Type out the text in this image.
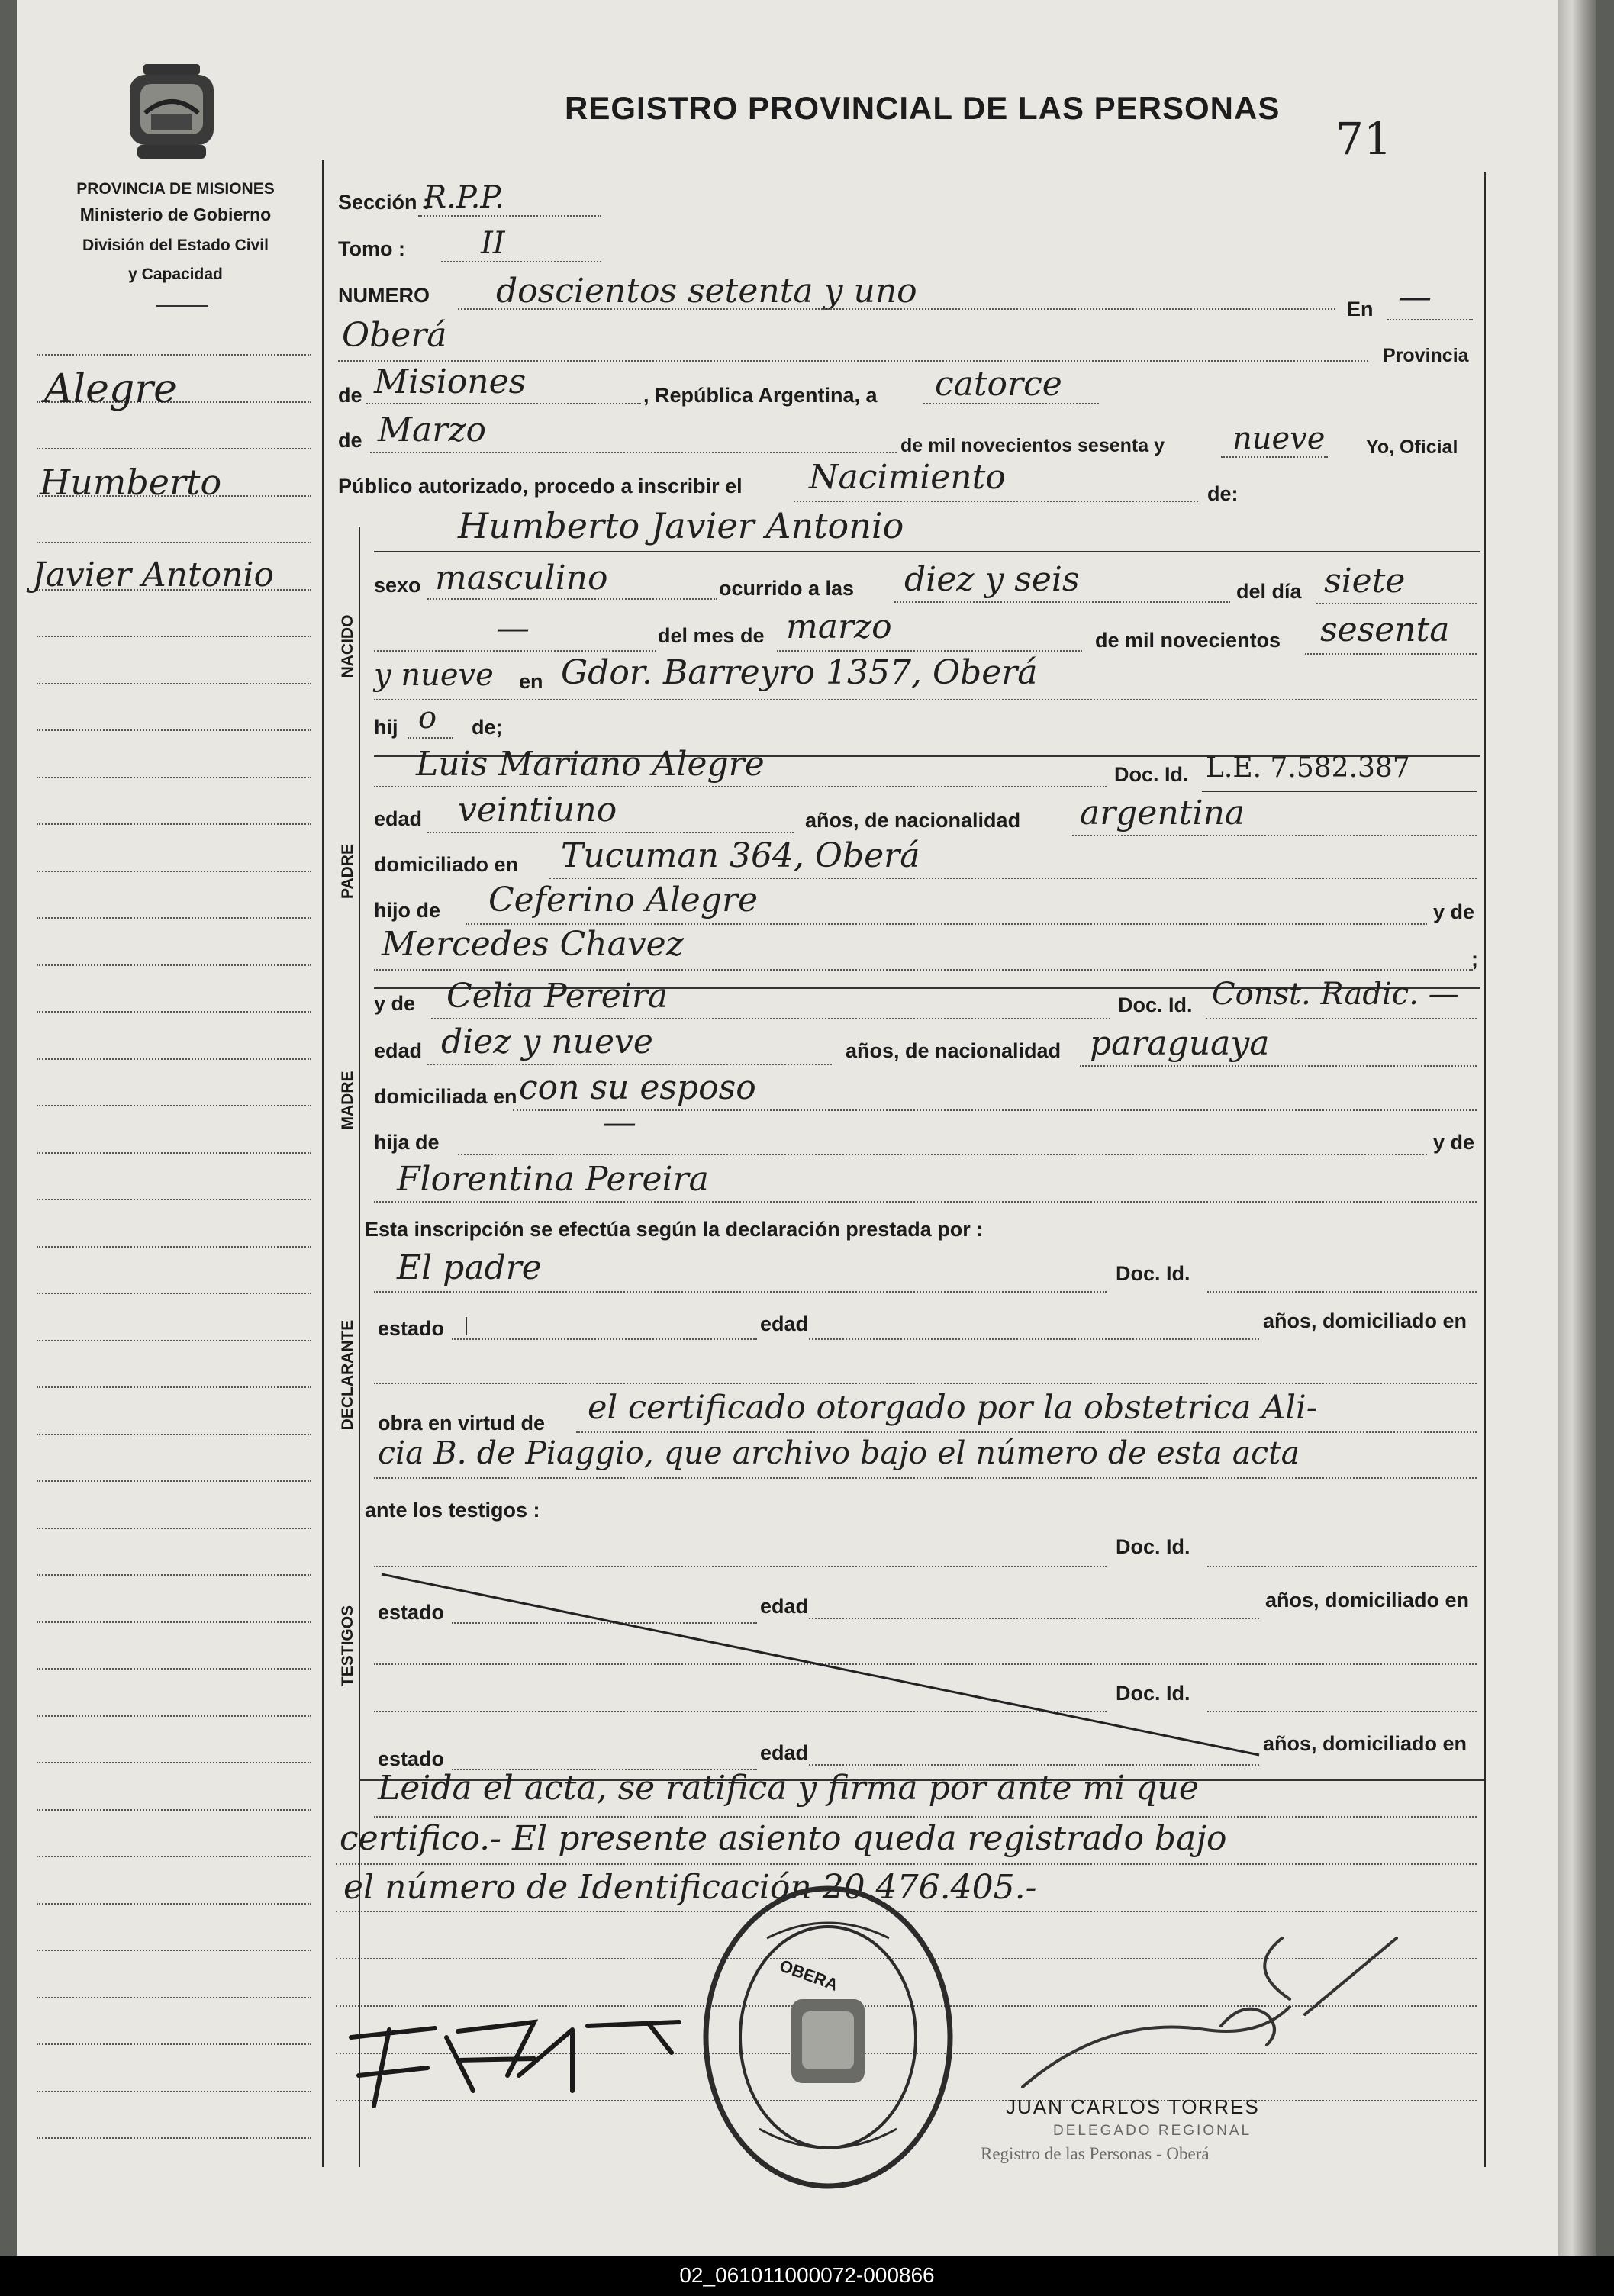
PROVINCIA DE MISIONES
Ministerio de Gobierno
División del Estado Civil
y Capacidad
REGISTRO PROVINCIAL DE LAS PERSONAS
71
Alegre
Humberto
Javier Antonio
Sección :
R.P.P.
Tomo : II
NUMERO doscientos setenta y uno	En —
Oberá
Provincia
de Misiones	, República Argentina, a catorce
de Marzo	de mil novecientos sesenta y nueve Yo, Oficial
Público autorizado, procedo a inscribir el Nacimiento	de:
NACIDO
Humberto Javier Antonio
sexo masculino	ocurrido a las diez y seis	del día siete
—	del mes de marzo	de mil novecientos sesenta
y nueve en Gdor. Barreyro 1357, Oberá
hij o de;
PADRE
Luis Mariano Alegre	Doc. Id. L.E. 7.582.387
edad veintiuno	años, de nacionalidad argentina
domiciliado en Tucuman 364, Oberá
hijo de Ceferino Alegre	y de
Mercedes Chavez	;
MADRE
y de Celia Pereira	Doc. Id. Const. Radic. —
edad diez y nueve	años, de nacionalidad paraguaya
domiciliada en con su esposo
hija de	—	y de
Florentina Pereira
Esta inscripción se efectúa según la declaración prestada por :
DECLARANTE
El padre	Doc. Id.
estado	edad	años, domiciliado en
obra en virtud de el certificado otorgado por la obstetrica Ali-
cia B. de Piaggio, que archivo bajo el número de esta acta
ante los testigos :
TESTIGOS
Doc. Id.
estado	edad	años, domiciliado en
Doc. Id.
estado	edad	años, domiciliado en
Leida el acta, se ratifica y firma por ante mi que
certifico.- El presente asiento queda registrado bajo
el número de Identificación 20.476.405.-
OBERA
JUAN CARLOS TORRES
DELEGADO REGIONAL
Registro de las Personas - Oberá
02_061011000072-000866
